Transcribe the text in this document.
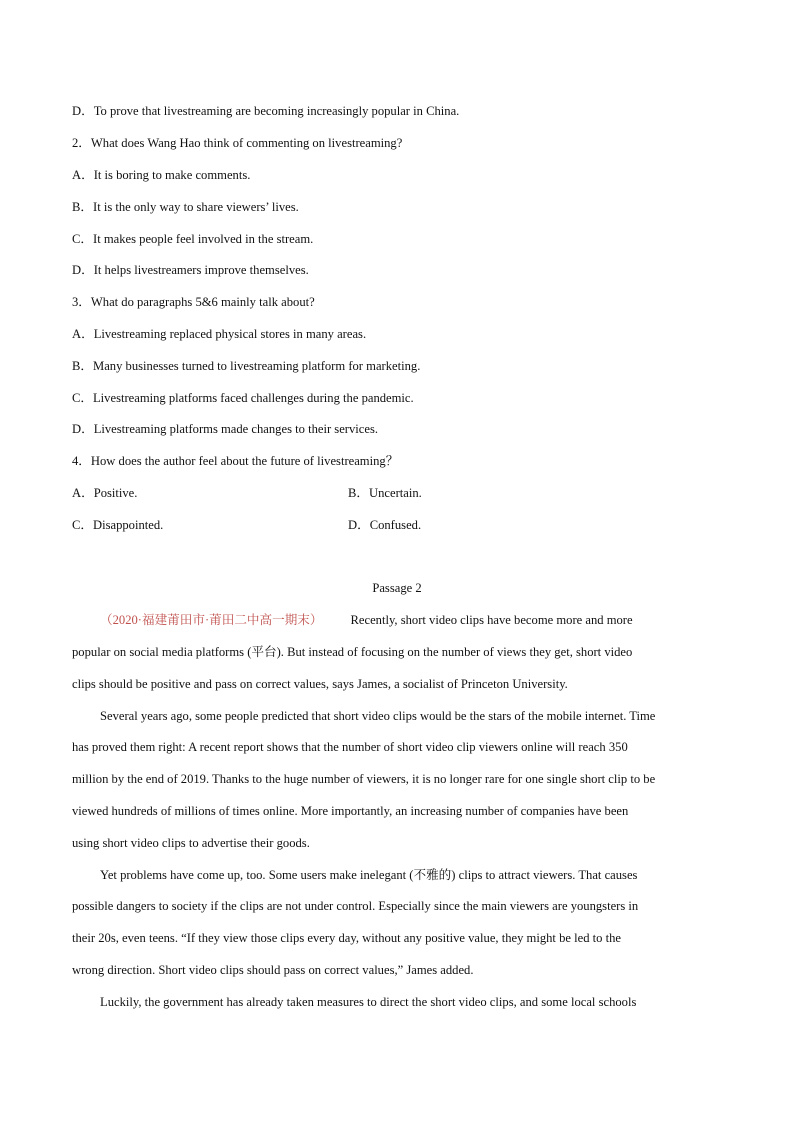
D．To prove that livestreaming are becoming increasingly popular in China.
2．What does Wang Hao think of commenting on livestreaming?
A．It is boring to make comments.
B．It is the only way to share viewers’ lives.
C．It makes people feel involved in the stream.
D．It helps livestreamers improve themselves.
3．What do paragraphs 5&6 mainly talk about?
A．Livestreaming replaced physical stores in many areas.
B．Many businesses turned to livestreaming platform for marketing.
C．Livestreaming platforms faced challenges during the pandemic.
D．Livestreaming platforms made changes to their services.
4．How does the author feel about the future of livestreaming？
A．Positive.	B．Uncertain.
C．Disappointed.	D．Confused.
Passage 2
（2020·福建莆田市·莆田二中高一期末） Recently, short video clips have become more and more
popular on social media platforms (平台). But instead of focusing on the number of views they get, short video
clips should be positive and pass on correct values, says James, a socialist of Princeton University.
Several years ago, some people predicted that short video clips would be the stars of the mobile internet. Time
has proved them right: A recent report shows that the number of short video clip viewers online will reach 350
million by the end of 2019. Thanks to the huge number of viewers, it is no longer rare for one single short clip to be
viewed hundreds of millions of times online. More importantly, an increasing number of companies have been
using short video clips to advertise their goods.
Yet problems have come up, too. Some users make inelegant (不雅的) clips to attract viewers. That causes
possible dangers to society if the clips are not under control. Especially since the main viewers are youngsters in
their 20s, even teens. “If they view those clips every day, without any positive value, they might be led to the
wrong direction. Short video clips should pass on correct values,” James added.
Luckily, the government has already taken measures to direct the short video clips, and some local schools
